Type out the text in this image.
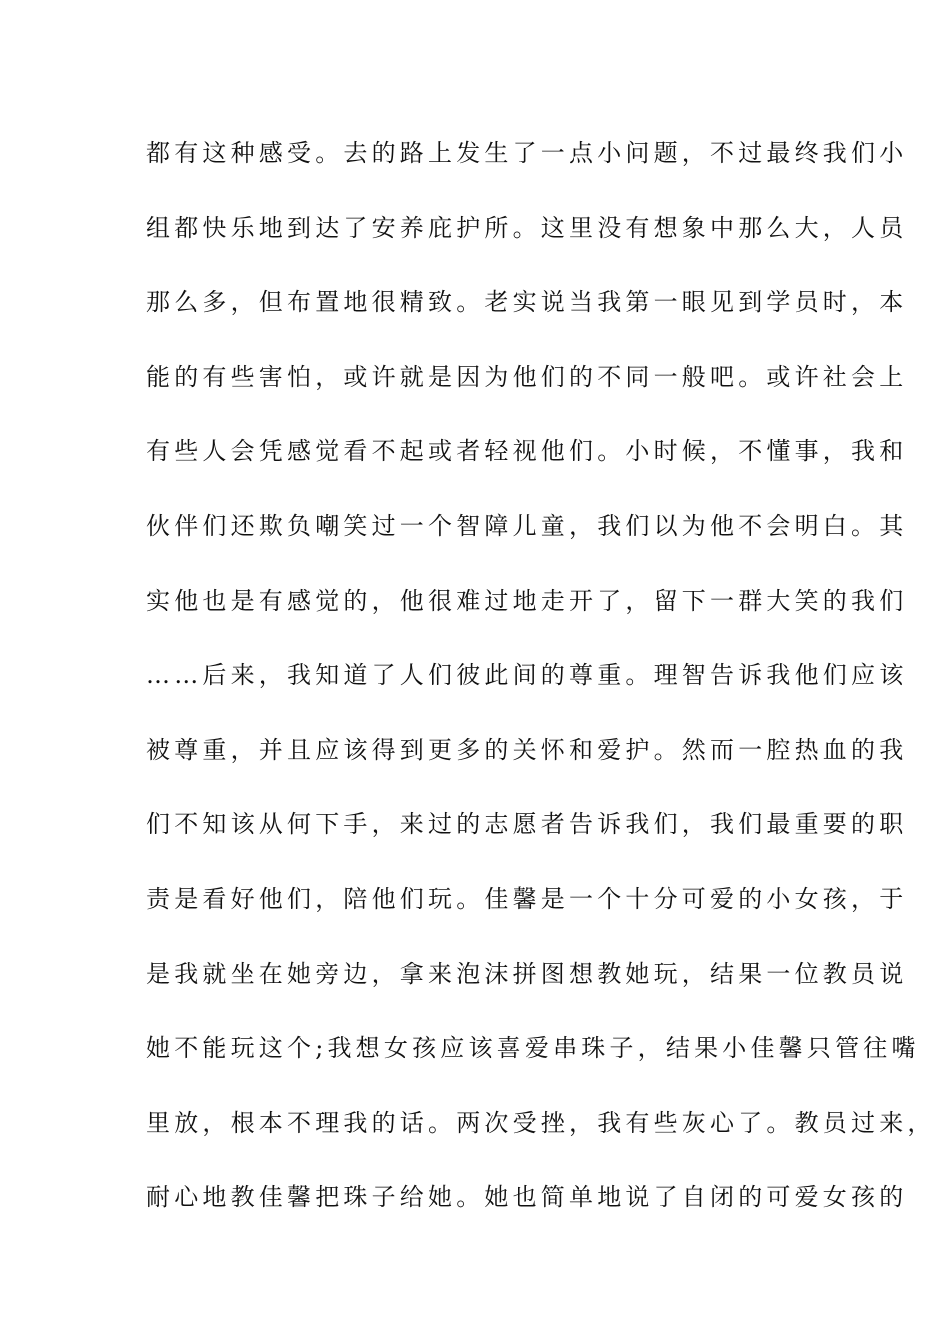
都有这种感受。去的路上发生了一点小问题，不过最终我们小
组都快乐地到达了安养庇护所。这里没有想象中那么大，人员
那么多，但布置地很精致。老实说当我第一眼见到学员时，本
能的有些害怕，或许就是因为他们的不同一般吧。或许社会上
有些人会凭感觉看不起或者轻视他们。小时候，不懂事，我和
伙伴们还欺负嘲笑过一个智障儿童，我们以为他不会明白。其
实他也是有感觉的，他很难过地走开了，留下一群大笑的我们
……后来，我知道了人们彼此间的尊重。理智告诉我他们应该
被尊重，并且应该得到更多的关怀和爱护。然而一腔热血的我
们不知该从何下手，来过的志愿者告诉我们，我们最重要的职
责是看好他们，陪他们玩。佳馨是一个十分可爱的小女孩，于
是我就坐在她旁边，拿来泡沫拼图想教她玩，结果一位教员说
她不能玩这个;我想女孩应该喜爱串珠子，结果小佳馨只管往嘴
里放，根本不理我的话。两次受挫，我有些灰心了。教员过来，
耐心地教佳馨把珠子给她。她也简单地说了自闭的可爱女孩的
